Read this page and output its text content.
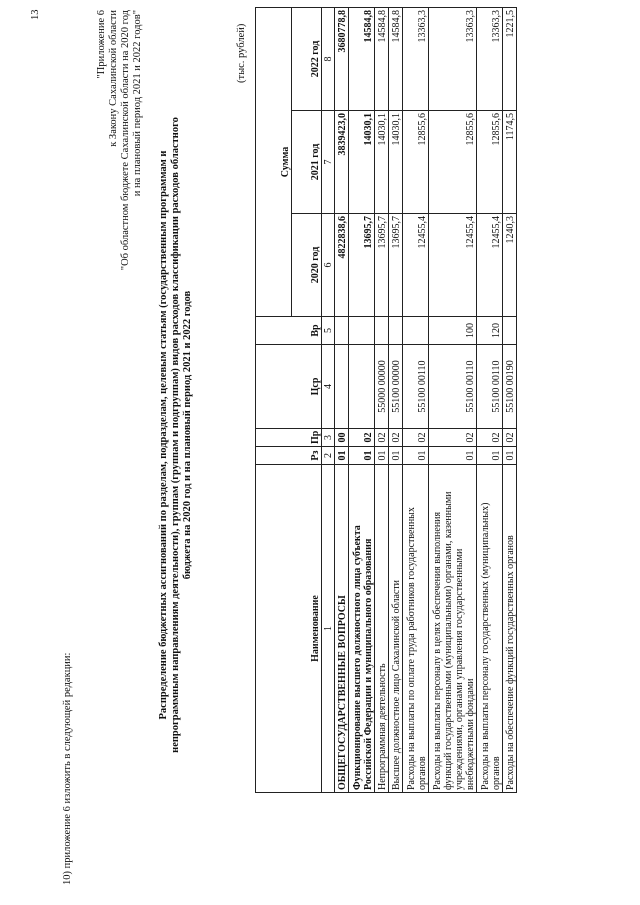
13
10) приложение 6 изложить в следующей редакции:
"Приложение 6 к Закону Сахалинской области "Об областном бюджете Сахалинской области на 2020 год и на плановый период 2021 и 2022 годов"
Распределение бюджетных ассигнований по разделам, подразделам, целевым статьям (государственным программам и непрограммным направлениям деятельности), группам (группам и подгруппам) видов расходов классификации расходов областного бюджета на 2020 год и на плановый период 2021 и 2022 годов
(тыс. рублей)
Наименование	Рз	Пр	Цср	Вр	Сумма		
					2020 год	2021 год	2022 год
1	2	3	4	5	6	7	8

ОБЩЕГОСУДАРСТВЕННЫЕ ВОПРОСЫ	01	00			4822838,6	3839423,0	3680778,8

Функционирование высшего должностного лица субъекта Российской Федерации и муниципального образования	01	02			13695,7	14030,1	14584,8

Непрограммная деятельность	01	02	55000 00000		13695,7	14030,1	14584,8

Высшее должностное лицо Сахалинской области	01	02	55100 00000		13695,7	14030,1	14584,8

Расходы на выплаты по оплате труда работников государственных органов	01	02	55100 00110		12455,4	12855,6	13363,3

Расходы на выплаты персоналу в целях обеспечения выполнения функций государственными (муниципальными) органами, казенными учреждениями, органами управления государственными внебюджетными фондами	01	02	55100 00110	100	12455,4	12855,6	13363,3

Расходы на выплаты персоналу государственных (муниципальных) органов	01	02	55100 00110	120	12455,4	12855,6	13363,3

Расходы на обеспечение функций государственных органов	01	02	55100 00190		1240,3	1174,5	1221,5
